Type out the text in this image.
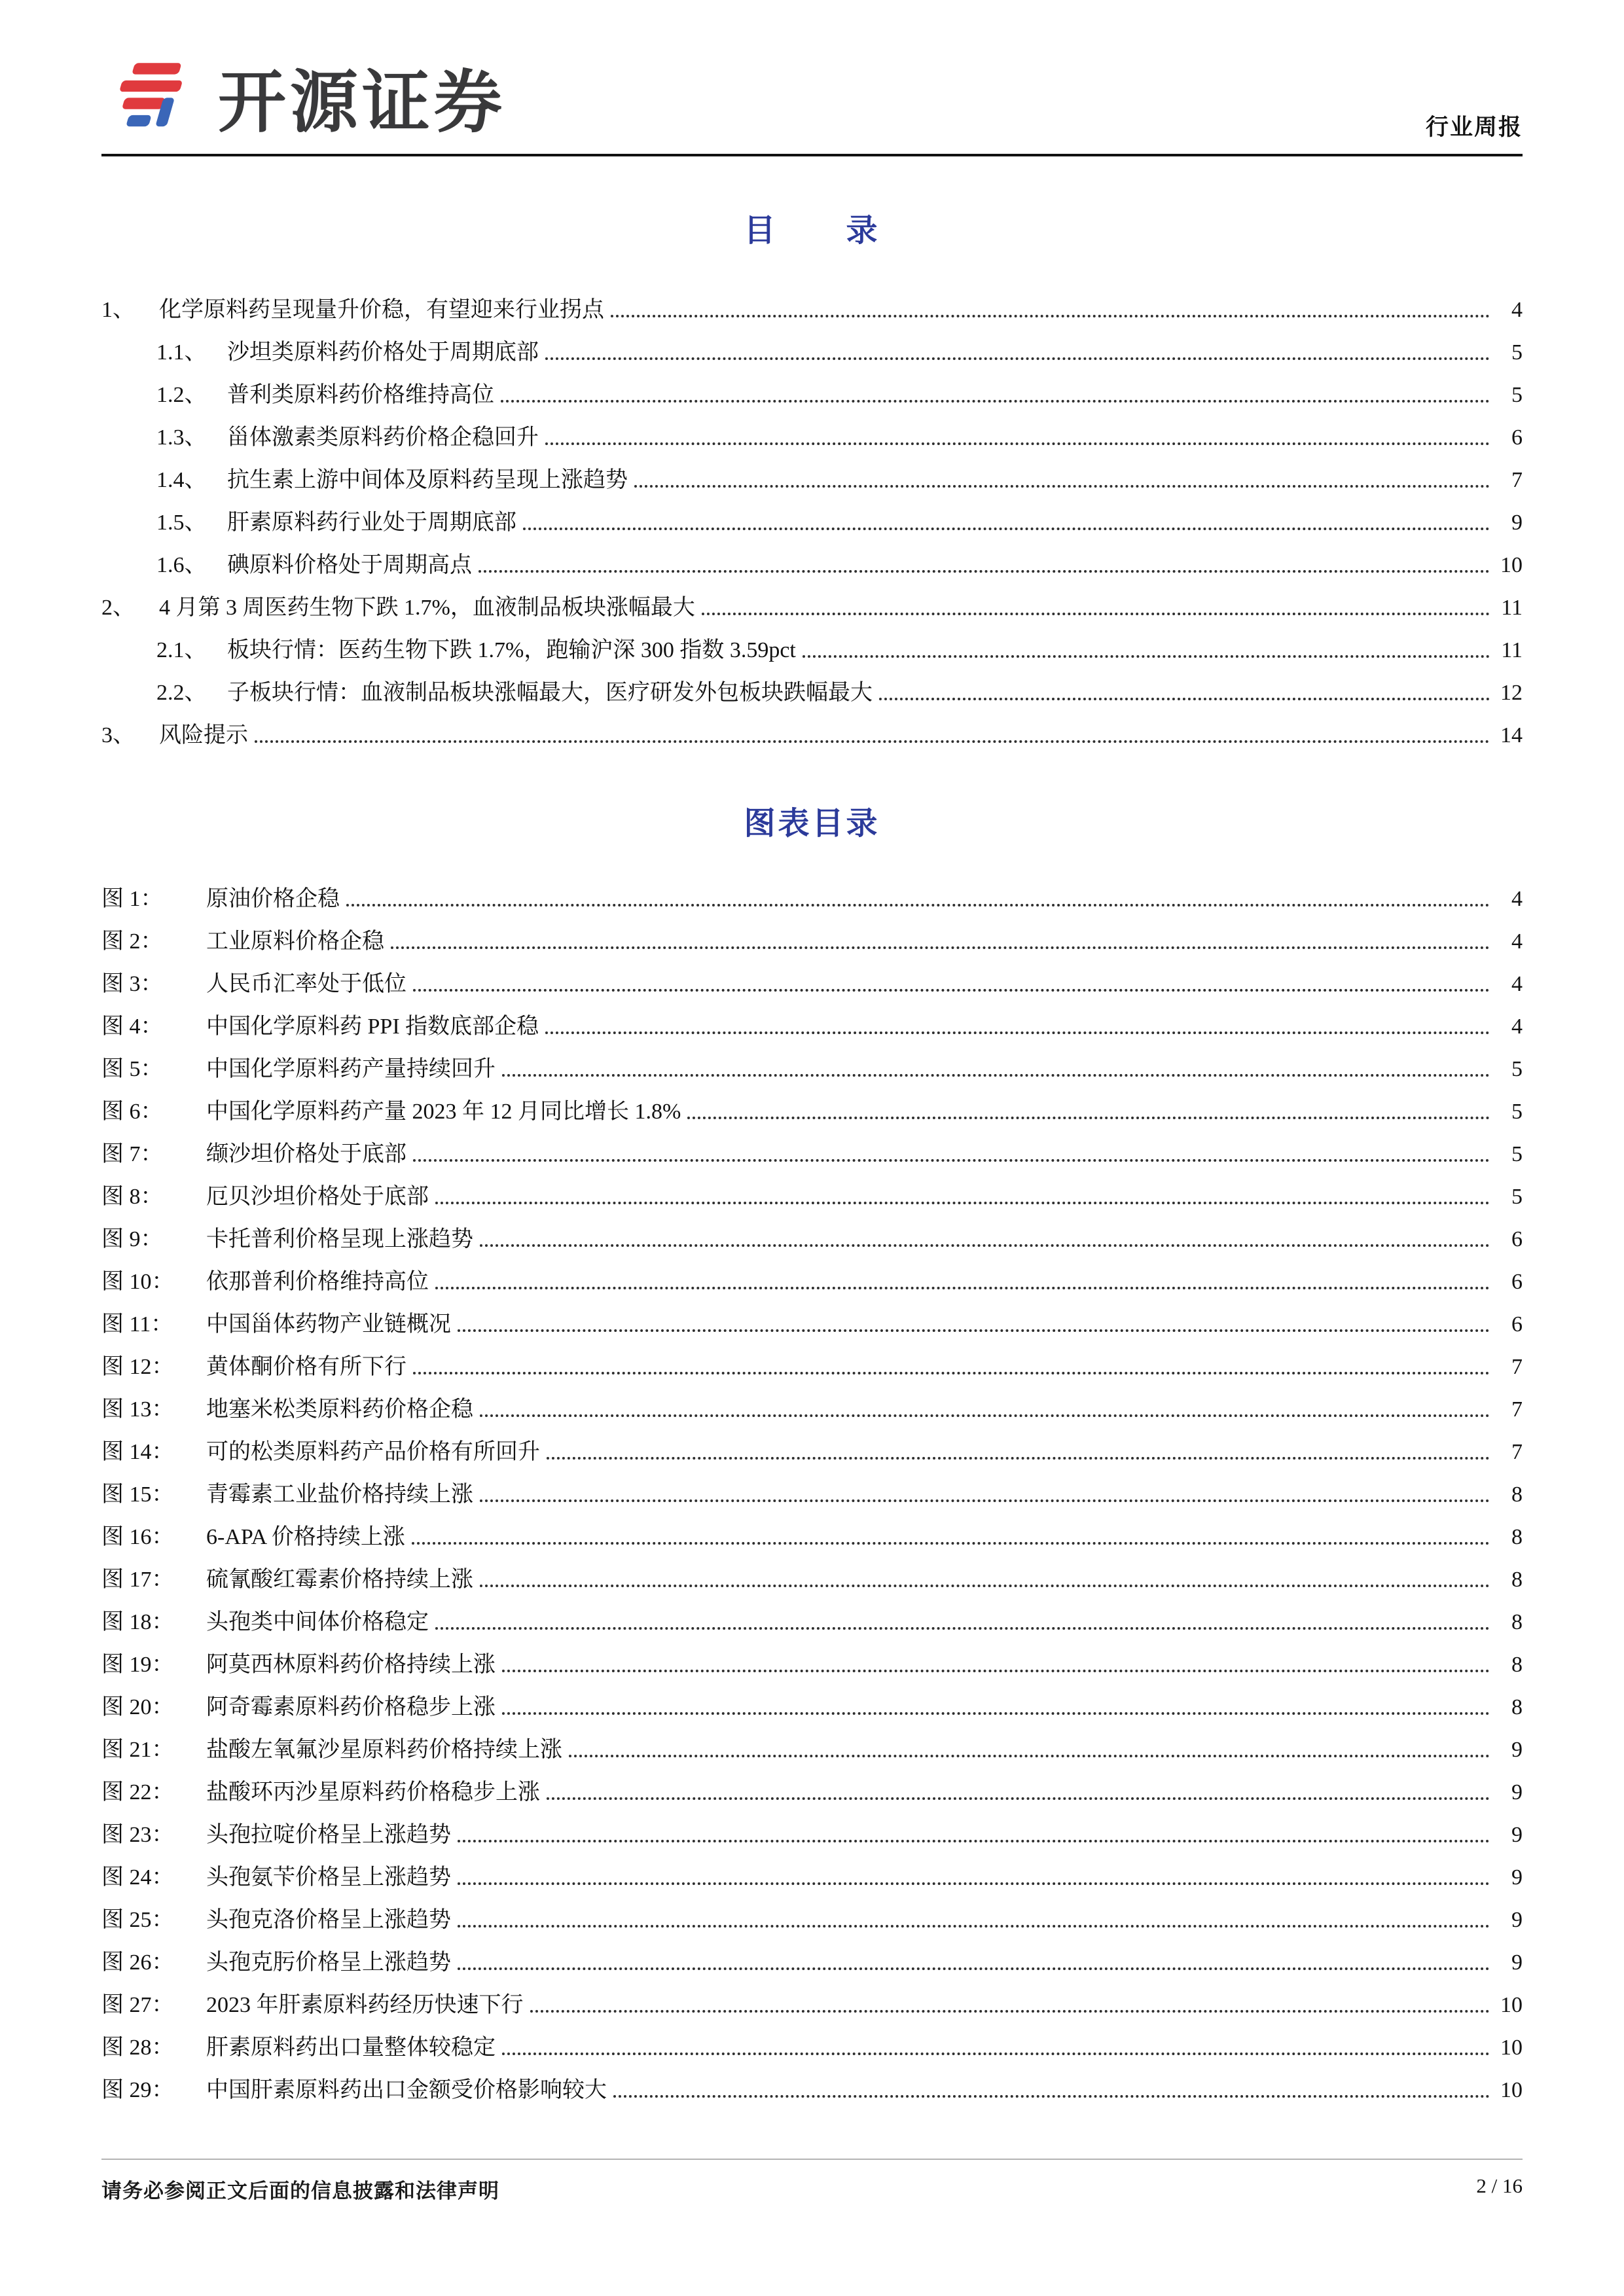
开源证券	行业周报
目　　录
1、	化学原料药呈现量升价稳，有望迎来行业拐点	4
1.1、 沙坦类原料药价格处于周期底部	5
1.2、 普利类原料药价格维持高位	5
1.3、 甾体激素类原料药价格企稳回升	6
1.4、 抗生素上游中间体及原料药呈现上涨趋势	7
1.5、 肝素原料药行业处于周期底部	9
1.6、 碘原料价格处于周期高点	10
2、	4 月第 3 周医药生物下跌 1.7%，血液制品板块涨幅最大	11
2.1、 板块行情：医药生物下跌 1.7%，跑输沪深 300 指数 3.59pct	11
2.2、 子板块行情：血液制品板块涨幅最大，医疗研发外包板块跌幅最大	12
3、	风险提示	14
图表目录
图 1：	原油价格企稳	4
图 2：	工业原料价格企稳	4
图 3：	人民币汇率处于低位	4
图 4：	中国化学原料药 PPI 指数底部企稳	4
图 5：	中国化学原料药产量持续回升	5
图 6：	中国化学原料药产量 2023 年 12 月同比增长 1.8%	5
图 7：	缬沙坦价格处于底部	5
图 8：	厄贝沙坦价格处于底部	5
图 9：	卡托普利价格呈现上涨趋势	6
图 10：	依那普利价格维持高位	6
图 11：	中国甾体药物产业链概况	6
图 12：	黄体酮价格有所下行	7
图 13：	地塞米松类原料药价格企稳	7
图 14：	可的松类原料药产品价格有所回升	7
图 15：	青霉素工业盐价格持续上涨	8
图 16：	6-APA 价格持续上涨	8
图 17：	硫氰酸红霉素价格持续上涨	8
图 18：	头孢类中间体价格稳定	8
图 19：	阿莫西林原料药价格持续上涨	8
图 20：	阿奇霉素原料药价格稳步上涨	8
图 21：	盐酸左氧氟沙星原料药价格持续上涨	9
图 22：	盐酸环丙沙星原料药价格稳步上涨	9
图 23：	头孢拉啶价格呈上涨趋势	9
图 24：	头孢氨苄价格呈上涨趋势	9
图 25：	头孢克洛价格呈上涨趋势	9
图 26：	头孢克肟价格呈上涨趋势	9
图 27：	2023 年肝素原料药经历快速下行	10
图 28：	肝素原料药出口量整体较稳定	10
图 29：	中国肝素原料药出口金额受价格影响较大	10
请务必参阅正文后面的信息披露和法律声明	2 / 16
